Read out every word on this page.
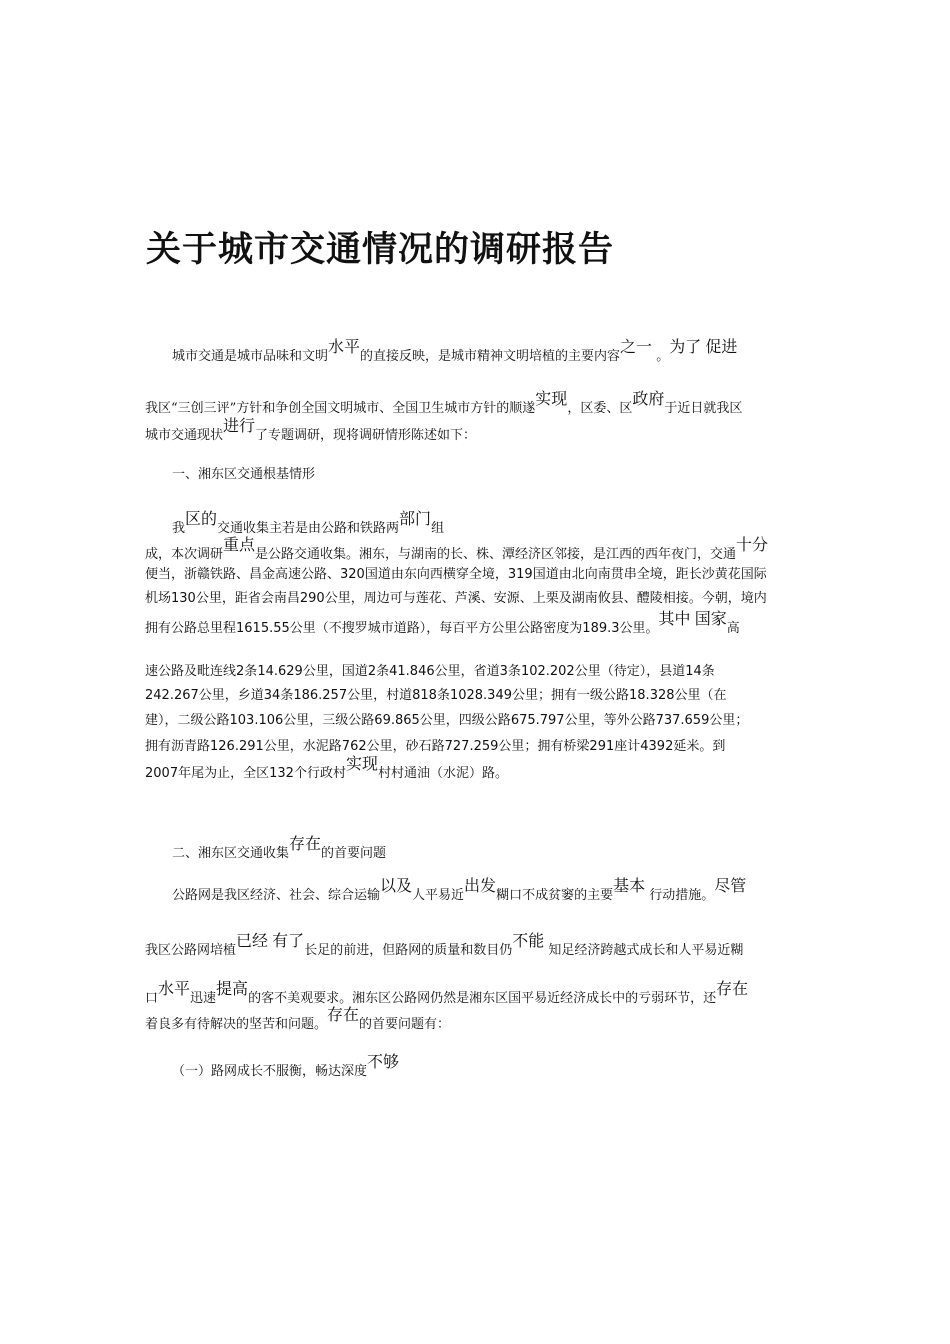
关于城市交通情况的调研报告
城市交通是城市品味和文明水平的直接反映，是城市精神文明培植的主要内容之一 。为了 促进
我区“三创三评”方针和争创全国文明城市、全国卫生城市方针的顺遂实现，区委、区政府于近日就我区
城市交通现状进行了专题调研，现将调研情形陈述如下：
一、湘东区交通根基情形
我区的交通收集主若是由公路和铁路两部门组
成，本次调研重点是公路交通收集。湘东，与湖南的长、株、潭经济区邻接，是江西的西年夜门，交通十分
便当，浙赣铁路、昌金高速公路、320国道由东向西横穿全境，319国道由北向南贯串全境，距长沙黄花国际
机场130公里，距省会南昌290公里，周边可与莲花、芦溪、安源、上栗及湖南攸县、醴陵相接。今朝，境内
拥有公路总里程1615.55公里（不搜罗城市道路），每百平方公里公路密度为189.3公里。其中 国家高
速公路及毗连线2条14.629公里，国道2条41.846公里，省道3条102.202公里（待定），县道14条
242.267公里，乡道34条186.257公里，村道818条1028.349公里；拥有一级公路18.328公里（在
建），二级公路103.106公里，三级公路69.865公里，四级公路675.797公里，等外公路737.659公里；
拥有沥青路126.291公里，水泥路762公里，砂石路727.259公里；拥有桥梁291座计4392延米。到
2007年尾为止，全区132个行政村实现村村通油（水泥）路。
二、湘东区交通收集存在的首要问题
公路网是我区经济、社会、综合运输以及人平易近出发糊口不成贫窭的主要基本 行动措施。尽管
我区公路网培植已经 有了长足的前进，但路网的质量和数目仍不能 知足经济跨越式成长和人平易近糊
口水平迅速提高的客不美观要求。湘东区公路网仍然是湘东区国平易近经济成长中的亏弱环节，还存在
着良多有待解决的坚苦和问题。存在的首要问题有：
（一）路网成长不服衡，畅达深度不够
